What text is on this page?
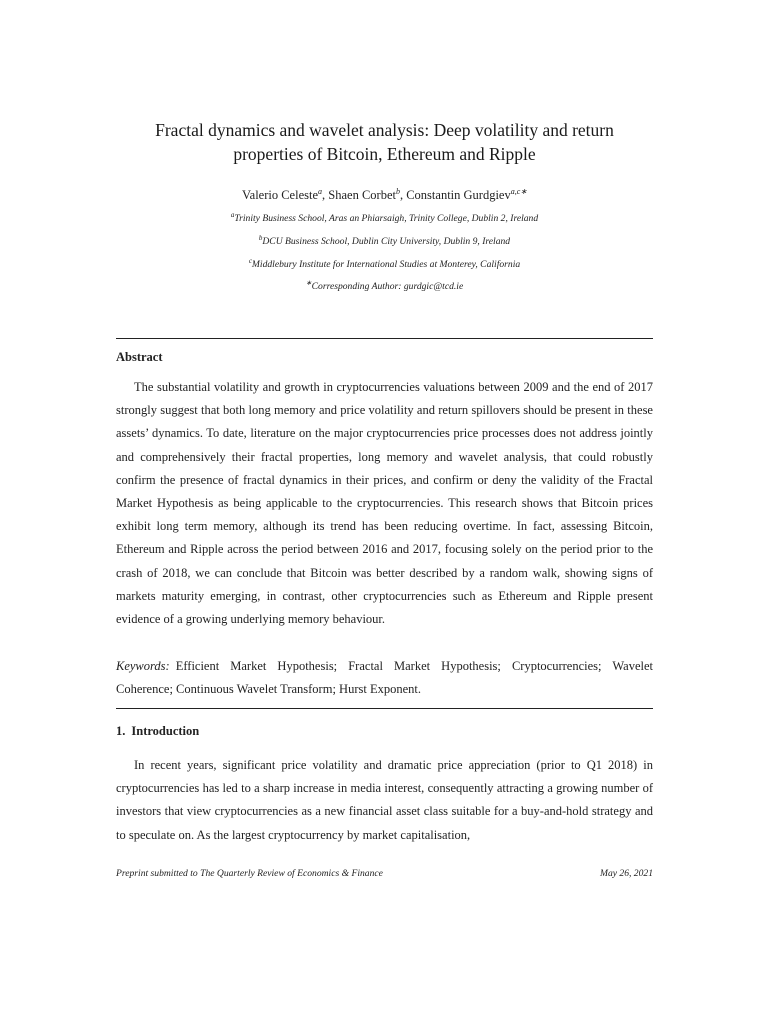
Fractal dynamics and wavelet analysis: Deep volatility and return
properties of Bitcoin, Ethereum and Ripple
Valerio Celeste$^a$, Shaen Corbet$^b$, Constantin Gurdgiev$^{a,c∗}$
$^a$Trinity Business School, Aras an Phiarsaigh, Trinity College, Dublin 2, Ireland
$^b$DCU Business School, Dublin City University, Dublin 9, Ireland
$^c$Middlebury Institute for International Studies at Monterey, California
∗Corresponding Author: gurdgic@tcd.ie
Abstract

The substantial volatility and growth in cryptocurrencies valuations between 2009 and the end of 2017 strongly suggest that both long memory and price volatility and return spillovers should be present in these assets’ dynamics. To date, literature on the major cryptocurrencies price processes does not address jointly and comprehensively their fractal properties, long memory and wavelet analysis, that could robustly confirm the presence of fractal dynamics in their prices, and confirm or deny the validity of the Fractal Market Hypothesis as being applicable to the cryptocurrencies. This research shows that Bitcoin prices exhibit long term memory, although its trend has been reducing overtime. In fact, assessing Bitcoin, Ethereum and Ripple across the period between 2016 and 2017, focusing solely on the period prior to the crash of 2018, we can conclude that Bitcoin was better described by a random walk, showing signs of markets maturity emerging, in contrast, other cryptocurrencies such as Ethereum and Ripple present evidence of a growing underlying memory behaviour.

Keywords: Efficient Market Hypothesis; Fractal Market Hypothesis; Cryptocurrencies; Wavelet Coherence; Continuous Wavelet Transform; Hurst Exponent.

1. Introduction

In recent years, significant price volatility and dramatic price appreciation (prior to Q1 2018) in cryptocurrencies has led to a sharp increase in media interest, consequently attracting a growing number of investors that view cryptocurrencies as a new financial asset class suitable for a buy-and-hold strategy and to speculate on. As the largest cryptocurrency by market capitalisation,

Preprint submitted to The Quarterly Review of Economics & Finance	May 26, 2021
